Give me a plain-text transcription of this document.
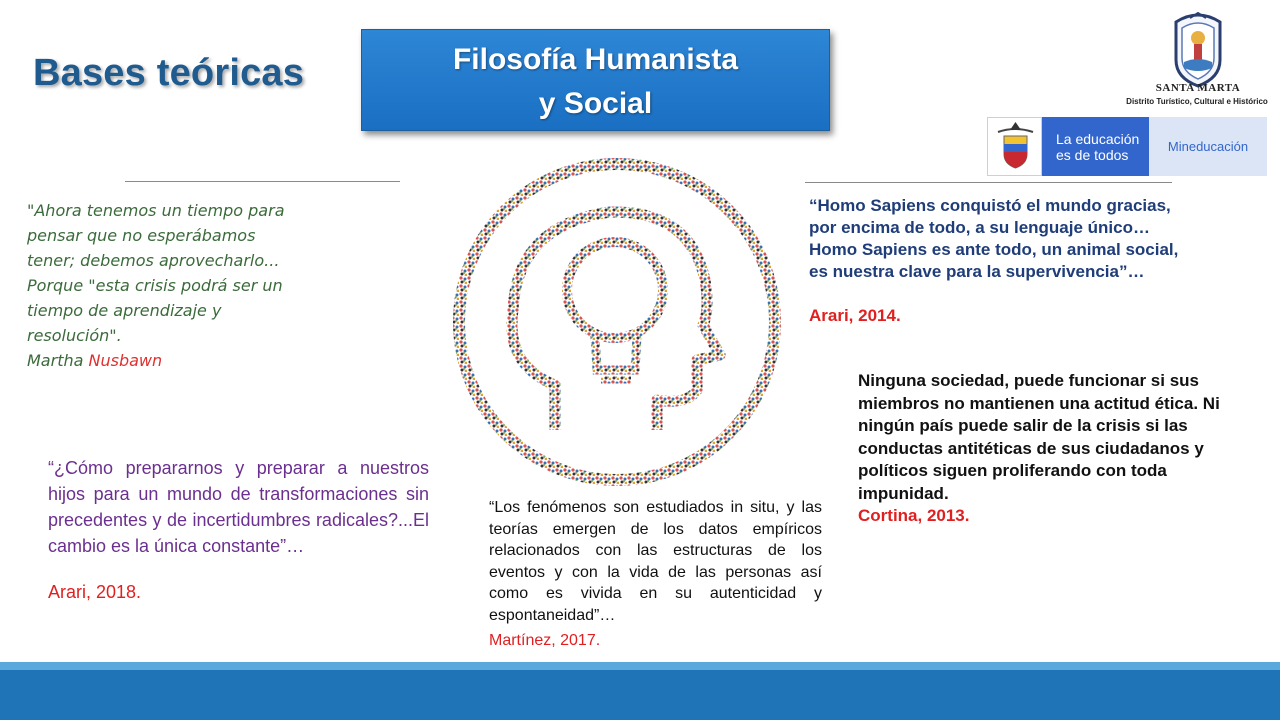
Bases teóricas	Filosofía Humanista
y Social	SANTA MARTA
Distrito Turístico, Cultural e Histórico
La educación
es de todos
Mineducación
"Ahora tenemos un tiempo para pensar que no esperábamos tener; debemos aprovecharlo... Porque "esta crisis podrá ser un tiempo de aprendizaje y resolución".
Martha Nusbawn
“¿Cómo prepararnos y preparar a nuestros hijos para un mundo de transformaciones sin precedentes y de incertidumbres radicales?...El cambio es la única constante”…
Arari, 2018.
“Homo Sapiens conquistó el mundo gracias, por encima de todo, a su lenguaje único… Homo Sapiens es ante todo, un animal social, es nuestra clave para la supervivencia”…
Arari, 2014.
Ninguna sociedad, puede funcionar si sus miembros no mantienen una actitud ética. Ni ningún país puede salir de la crisis si las conductas antitéticas de sus ciudadanos y políticos siguen proliferando con toda impunidad.
Cortina, 2013.
“Los fenómenos son estudiados in situ, y las teorías emergen de los datos empíricos relacionados con las estructuras de los eventos y con la vida de las personas así como es vivida en su autenticidad y espontaneidad”…
Martínez, 2017.
